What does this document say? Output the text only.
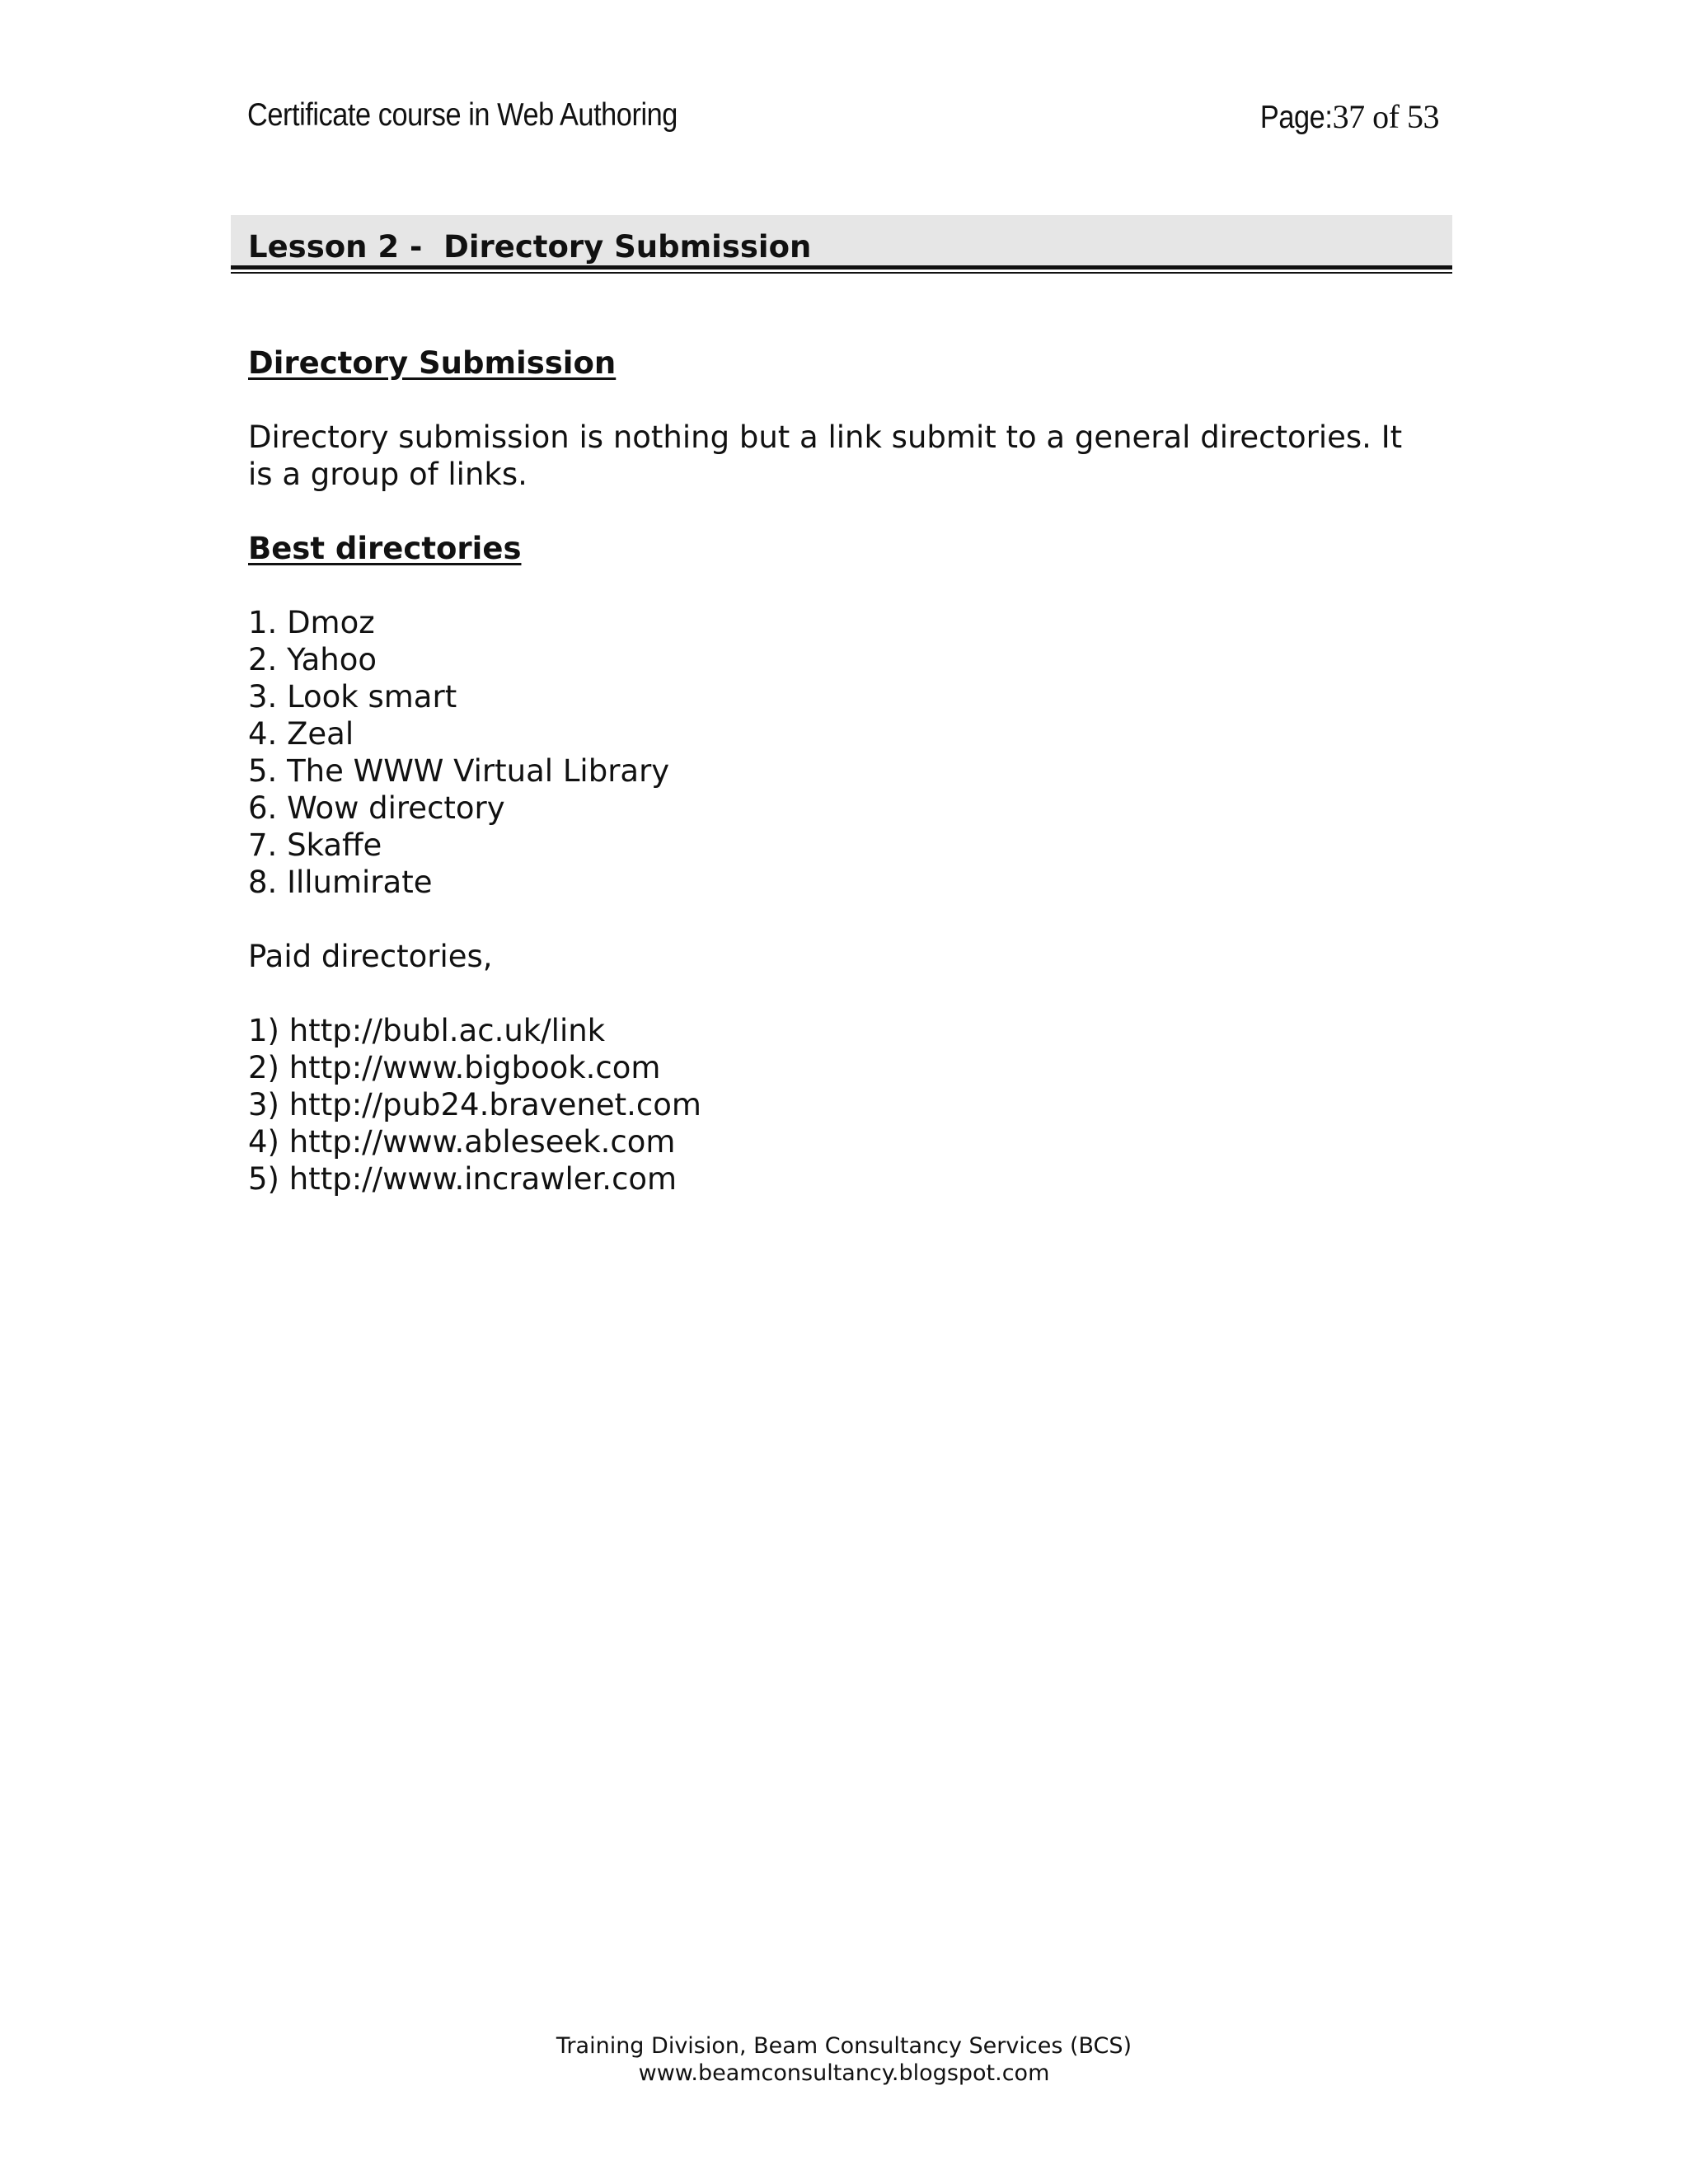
Certificate course in Web Authoring	Page:37 of 53
Lesson 2 -  Directory Submission

Directory Submission

Directory submission is nothing but a link submit to a general directories. It is a group of links.

Best directories

1. Dmoz
2. Yahoo
3. Look smart
4. Zeal
5. The WWW Virtual Library
6. Wow directory
7. Skaffe
8. Illumirate

Paid directories,

1) http://bubl.ac.uk/link
2) http://www.bigbook.com
3) http://pub24.bravenet.com
4) http://www.ableseek.com
5) http://www.incrawler.com
Training Division, Beam Consultancy Services (BCS)
www.beamconsultancy.blogspot.com
